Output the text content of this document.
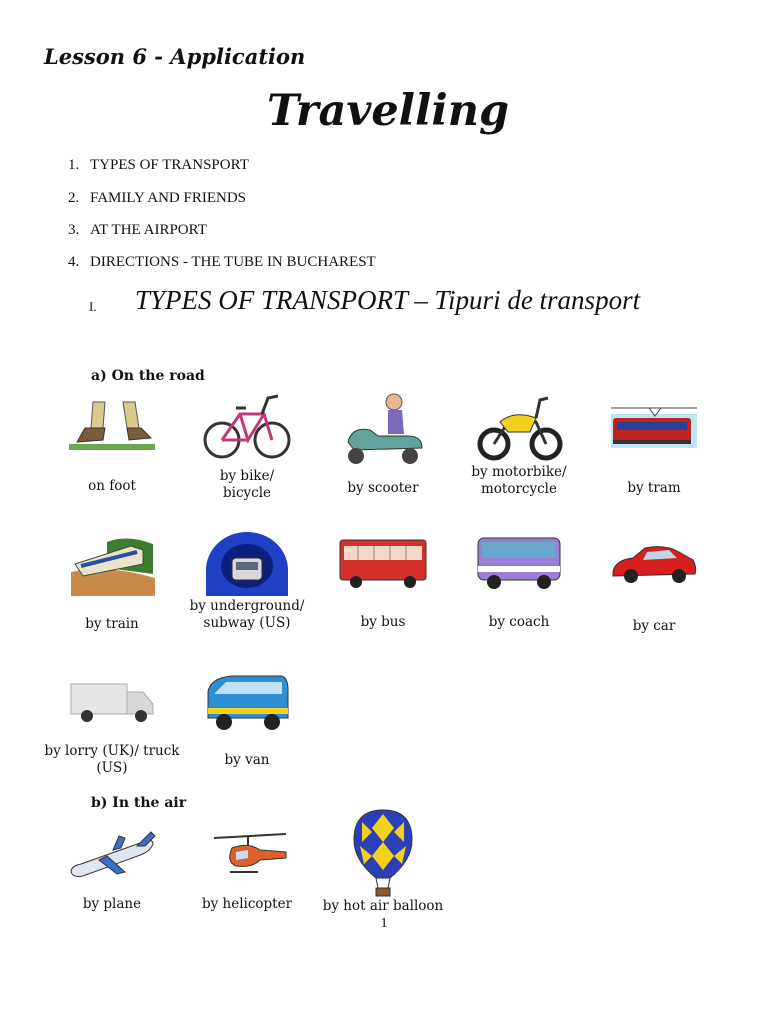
Lesson 6 - Application
Travelling
1. TYPES OF TRANSPORT
2. FAMILY AND FRIENDS
3. AT THE AIRPORT
4. DIRECTIONS - THE TUBE IN BUCHAREST
I. TYPES OF TRANSPORT – Tipuri de transport
a) On the road
on foot
by bike/
bicycle	by scooter
by motorbike/
motorcycle	by tram
by train
by underground/
subway (US)	by bus	by coach	by car
by lorry (UK)/ truck
(US)	by van
b) In the air
by plane	by helicopter	by hot air balloon
1
